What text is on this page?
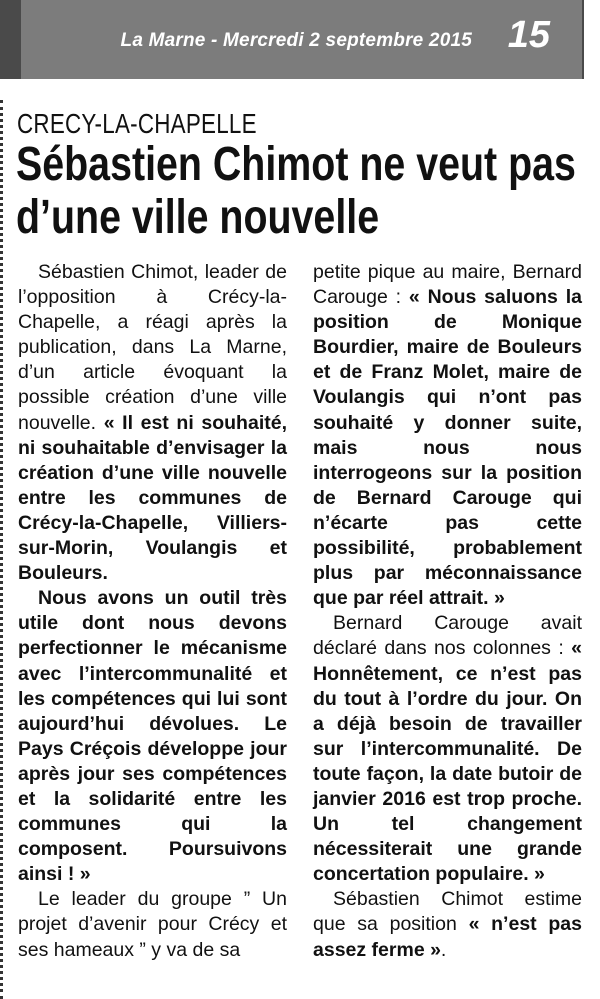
La Marne - Mercredi 2 septembre 2015 15
CRECY-LA-CHAPELLE
Sébastien Chimot ne veut pas
d’une ville nouvelle

Sébastien Chimot, leader de l’opposition à Crécy-la-Chapelle, a réagi après la publication, dans La Marne, d’un article évoquant la possible création d’une ville nouvelle. « Il est ni souhaité, ni souhaitable d’envisager la création d’une ville nouvelle entre les communes de Crécy-la-Chapelle, Villiers-sur-Morin, Voulangis et Bouleurs.

Nous avons un outil très utile dont nous devons perfectionner le mécanisme avec l’intercommunalité et les compétences qui lui sont aujourd’hui dévolues. Le Pays Créçois développe jour après jour ses compétences et la solidarité entre les communes qui la composent. Poursuivons ainsi ! »

Le leader du groupe ” Un projet d’avenir pour Crécy et ses hameaux ” y va de sa

petite pique au maire, Bernard Carouge : « Nous saluons la position de Monique Bourdier, maire de Bouleurs et de Franz Molet, maire de Voulangis qui n’ont pas souhaité y donner suite, mais nous nous interrogeons sur la position de Bernard Carouge qui n’écarte pas cette possibilité, probablement plus par méconnaissance que par réel attrait. »

Bernard Carouge avait déclaré dans nos colonnes : « Honnêtement, ce n’est pas du tout à l’ordre du jour. On a déjà besoin de travailler sur l’intercommunalité. De toute façon, la date butoir de janvier 2016 est trop proche. Un tel changement nécessiterait une grande concertation populaire. »

Sébastien Chimot estime que sa position « n’est pas assez ferme ».
